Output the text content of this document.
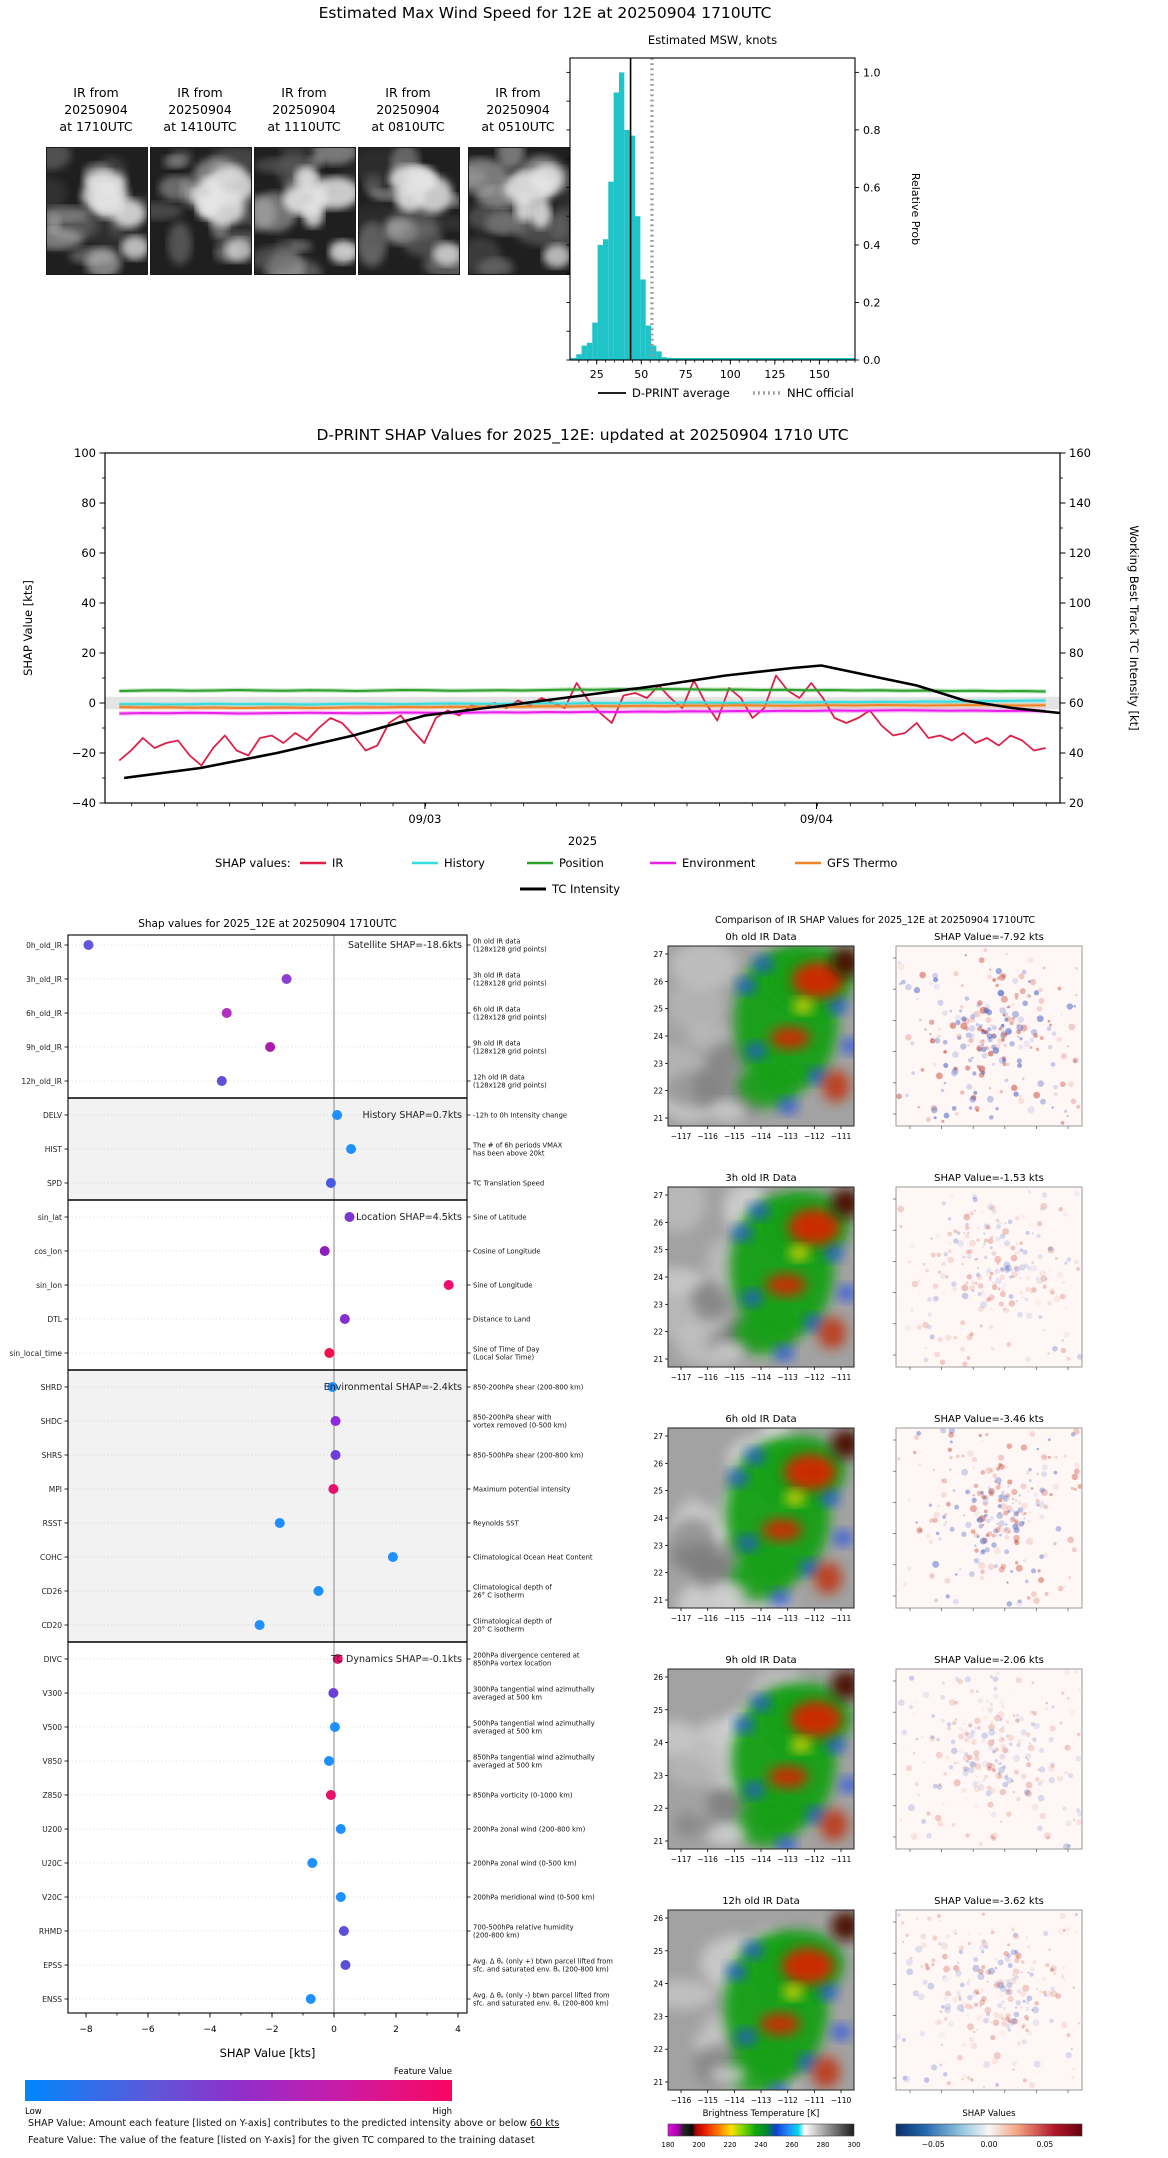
Estimated Max Wind Speed for 12E at 20250904 1710UTC
IR from
20250904
at 1710UTC
IR from
20250904
at 1410UTC
IR from
20250904
at 1110UTC
IR from
20250904
at 0810UTC
IR from
20250904
at 0510UTC
Estimated MSW, knots
0.0
0.2
0.4
0.6
0.8
1.0
25	50	75 100 125 150
Relative Prob
D-PRINT average	NHC official
D-PRINT SHAP Values for 2025_12E: updated at 20250904 1710 UTC
−40
−20
0
20
40
60
80
100
20
40
60
80
100
120
140
160
09/03	09/04
2025
SHAP Value [kts]	Working Best Track TC Intensity [kt]
SHAP values:	IR	History	Position	Environment	GFS Thermo
TC Intensity
Shap values for 2025_12E at 20250904 1710UTC
0h_old_IR	0h old IR data (128x128 grid points)
Satellite SHAP=-18.6kts
3h_old_IR	3h old IR data (128x128 grid points)
6h_old_IR	6h old IR data (128x128 grid points)
9h_old_IR	9h old IR data (128x128 grid points)
12h_old_IR	12h old IR data (128x128 grid points)
DELV	-12h to 0h Intensity change
History SHAP=0.7kts
HIST	The # of 6h periods VMAX has been above 20kt
SPD	TC Translation Speed
sin_lat	Sine of Latitude
Location SHAP=4.5kts
cos_lon	Cosine of Longitude
sin_lon	Sine of Longitude
DTL	Distance to Land
sin_local_time	Sine of Time of Day (Local Solar Time)
SHRD	850-200hPa shear (200-800 km)
Environmental SHAP=-2.4kts
SHDC	850-200hPa shear with vortex removed (0-500 km)
SHRS	850-500hPa shear (200-800 km)
MPI	Maximum potential intensity
RSST	Reynolds SST
COHC	Climatological Ocean Heat Content
CD26	Climatological depth of 26° C isotherm
CD20	Climatological depth of 20° C isotherm
DIVC	200hPa divergence centered at 850hPa vortex location
TC Dynamics SHAP=-0.1kts
V300	300hPa tangential wind azimuthally averaged at 500 km
V500	500hPa tangential wind azimuthally averaged at 500 km
V850	850hPa tangential wind azimuthally averaged at 500 km
Z850	850hPa vorticity (0-1000 km)
U200	200hPa zonal wind (200-800 km)
U20C	200hPa zonal wind (0-500 km)
V20C	200hPa meridional wind (0-500 km)
RHMD	700-500hPa relative humidity (200-800 km)
EPSS	Avg. Δ θₑ (only +) btwn parcel lifted from sfc. and saturated env. θₑ (200-800 km)
ENSS	Avg. Δ θₑ (only -) btwn parcel lifted from sfc. and saturated env. θₑ (200-800 km)
−8	−6	−4	−2	0	2	4
SHAP Value [kts]
Feature Value
Low	High
Comparison of IR SHAP Values for 2025_12E at 20250904 1710UTC
0h old IR Data	SHAP Value=-7.92 kts
27
26
25
24
23
22
21
−117 −116 −115 −114 −113 −112 −111
3h old IR Data	SHAP Value=-1.53 kts
27
26
25
24
23
22
21
−117 −116 −115 −114 −113 −112 −111
6h old IR Data	SHAP Value=-3.46 kts
27
26
25
24
23
22
21
−117 −116 −115 −114 −113 −112 −111
9h old IR Data	SHAP Value=-2.06 kts
26
25
24
23
22
21
−117 −116 −115 −114 −113 −112 −111
12h old IR Data	SHAP Value=-3.62 kts
26
25
24
23
22
21
−116 −115 −114 −113 −112 −111 −110
Brightness Temperature [K]
180	200	220	240	260	280	300
SHAP Values
−0.05	0.00	0.05
SHAP Value: Amount each feature [listed on Y-axis] contributes to the predicted intensity above or below 60 kts
Feature Value: The value of the feature [listed on Y-axis] for the given TC compared to the training dataset
